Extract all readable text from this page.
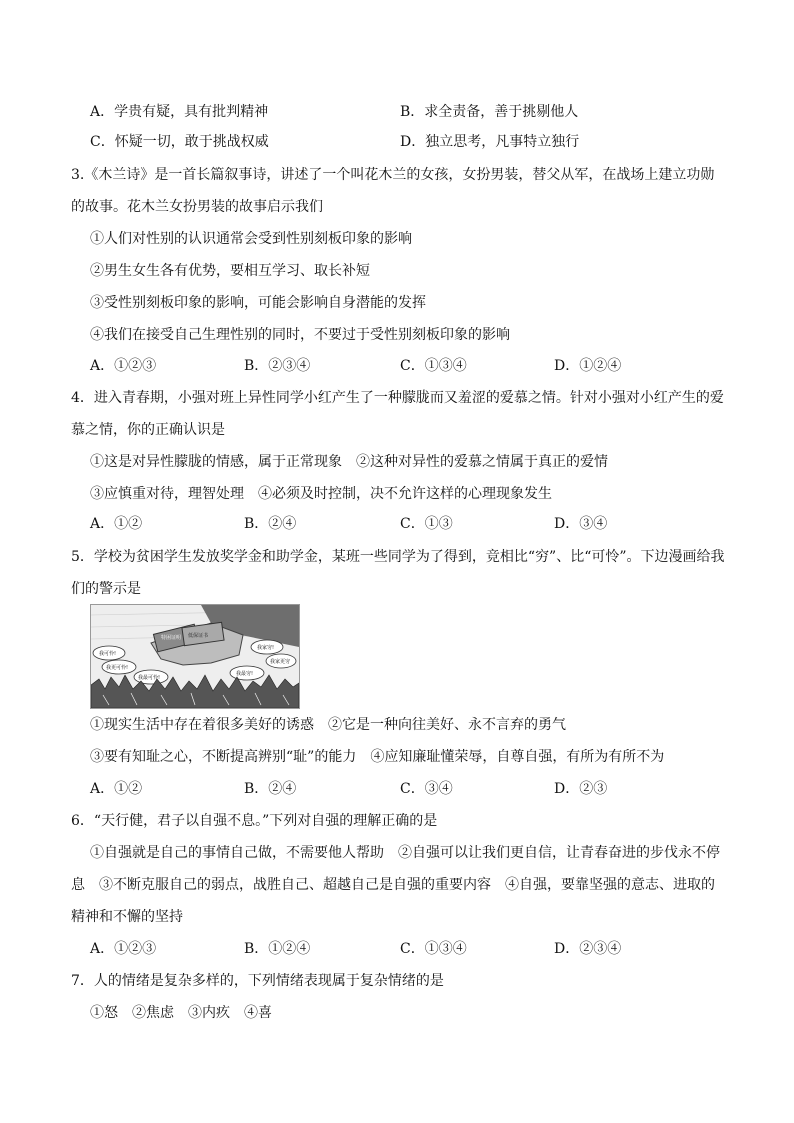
A．学贵有疑，具有批判精神	B．求全责备，善于挑剔他人
C．怀疑一切，敢于挑战权威	D．独立思考，凡事特立独行
3.《木兰诗》是一首长篇叙事诗，讲述了一个叫花木兰的女孩，女扮男装，替父从军，在战场上建立功勋
的故事。花木兰女扮男装的故事启示我们
①人们对性别的认识通常会受到性别刻板印象的影响
②男生女生各有优势，要相互学习、取长补短
③受性别刻板印象的影响，可能会影响自身潜能的发挥
④我们在接受自己生理性别的同时，不要过于受性别刻板印象的影响
A．①②③	B．②③④	C．①③④	D．①②④
4．进入青春期，小强对班上异性同学小红产生了一种朦胧而又羞涩的爱慕之情。针对小强对小红产生的爱
慕之情，你的正确认识是
①这是对异性朦胧的情感，属于正常现象　②这种对异性的爱慕之情属于真正的爱情
③应慎重对待，理智处理　④必须及时控制，决不允许这样的心理现象发生
A．①②	B．②④	C．①③	D．③④
5．学校为贫困学生发放奖学金和助学金，某班一些同学为了得到，竞相比“穷”、比“可怜”。下边漫画给我
们的警示是
特困证明 低保证书
我可怜!
我更可怜!
我最可怜!
我家穷!
我家更穷
我最穷!
①现实生活中存在着很多美好的诱惑　②它是一种向往美好、永不言弃的勇气
③要有知耻之心，不断提高辨别“耻”的能力　④应知廉耻懂荣辱，自尊自强，有所为有所不为
A．①②	B．②④	C．③④	D．②③
6．“天行健，君子以自强不息。”下列对自强的理解正确的是
①自强就是自己的事情自己做，不需要他人帮助　②自强可以让我们更自信，让青春奋进的步伐永不停
息　③不断克服自己的弱点，战胜自己、超越自己是自强的重要内容　④自强，要靠坚强的意志、进取的
精神和不懈的坚持
A．①②③	B．①②④	C．①③④	D．②③④
7．人的情绪是复杂多样的，下列情绪表现属于复杂情绪的是
①怒　②焦虑　③内疚　④喜
